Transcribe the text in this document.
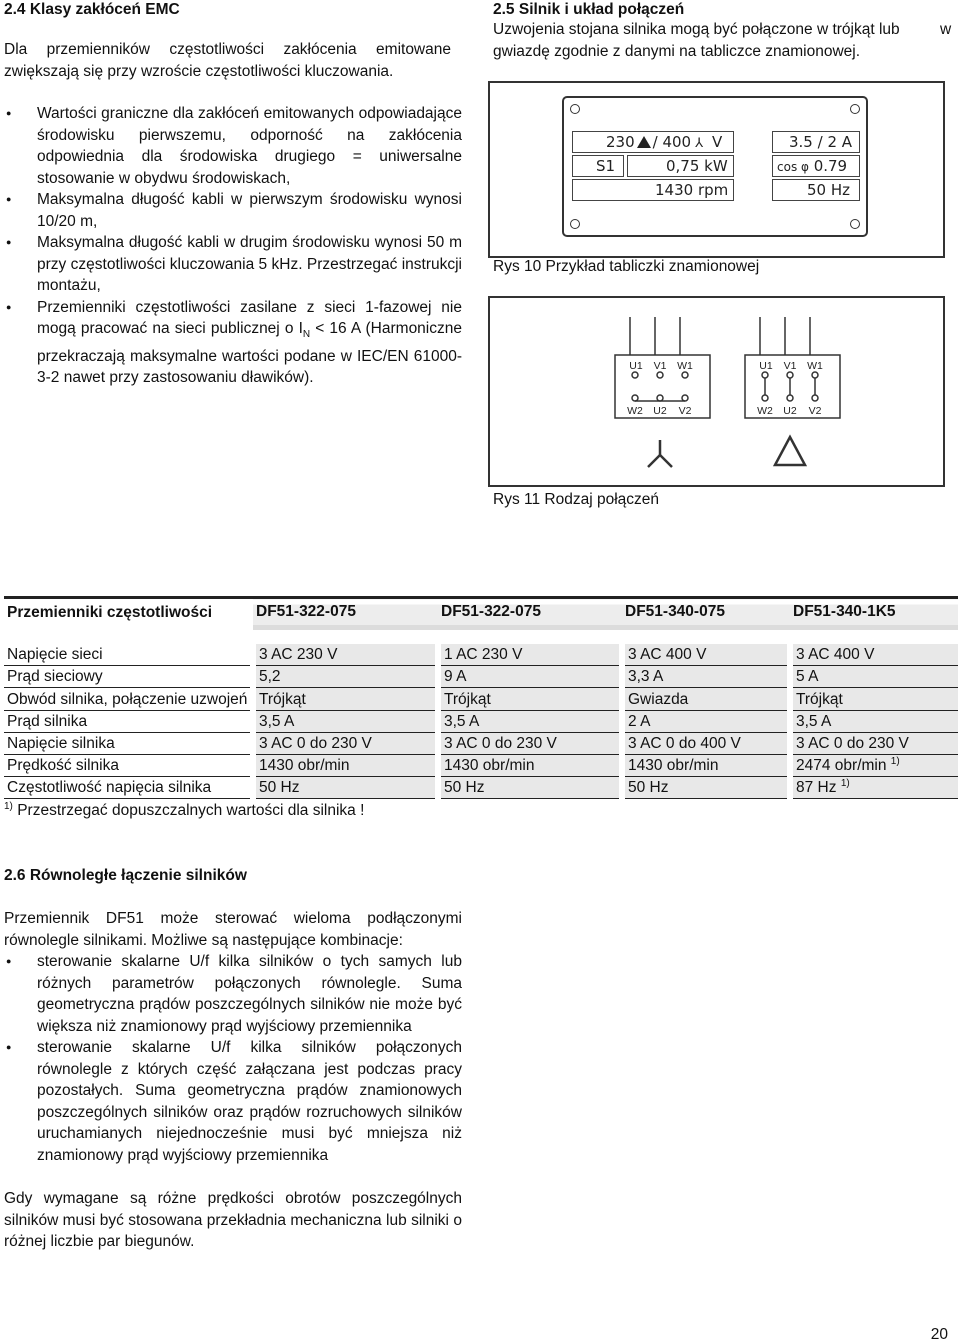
2.4 Klasy zakłóceń EMC
Dla przemienników częstotliwości zakłócenia emitowane
zwiększają się przy wzroście częstotliwości kluczowania.
● Wartości graniczne dla zakłóceń emitowanych odpowiadające środowisku pierwszemu, odporność na zakłócenia odpowiednia dla środowiska drugiego = uniwersalne stosowanie w obydwu środowiskach,
● Maksymalna długość kabli w pierwszym środowisku wynosi 10/20 m,
● Maksymalna długość kabli w drugim środowisku wynosi 50 m przy częstotliwości kluczowania 5 kHz. Przestrzegać instrukcji montażu,
● Przemienniki częstotliwości zasilane z sieci 1-fazowej nie mogą pracować na sieci publicznej o $I_N < 16$ A (Harmoniczne przekraczają maksymalne wartości podane w IEC/EN 61000-3-2 nawet przy zastosowaniu dławików).
2.5 Silnik i układ połączeń
Uzwojenia stojana silnika mogą być połączone w trójkąt lub
gwiazdę zgodnie z danymi na tabliczce znamionowej.
w
230 / 400 ⅄ V	3.5 / 2 A
S1	0,75 kW	cos φ 0.79
1430 rpm	50 Hz
Rys 10 Przykład tabliczki znamionowej
U1 V1 W1
W2 U2 V2
U1 V1 W1
W2 U2 V2
Rys 11 Rodzaj połączeń
Przemienniki częstotliwości	DF51-322-075	DF51-322-075	DF51-340-075	DF51-340-1K5

Napięcie sieci	3 AC 230 V	1 AC 230 V	3 AC 400 V	3 AC 400 V
Prąd sieciowy	5,2	9 A	3,3 A	5 A
Obwód silnika, połączenie uzwojeń	Trójkąt	Trójkąt	Gwiazda	Trójkąt
Prąd silnika	3,5 A	3,5 A	2 A	3,5 A
Napięcie silnika	3 AC 0 do 230 V	3 AC 0 do 230 V	3 AC 0 do 400 V	3 AC 0 do 230 V
Prędkość silnika	1430 obr/min	1430 obr/min	1430 obr/min	2474 obr/min $^{1)}$
Częstotliwość napięcia silnika	50 Hz	50 Hz	50 Hz	87 Hz $^{1)}$
$^{1)}$ Przestrzegać dopuszczalnych wartości dla silnika !
2.6 Równoległe łączenie silników
Przemiennik DF51 może sterować wieloma podłączonymi
równolegle silnikami. Możliwe są następujące kombinacje:
● sterowanie skalarne U/f kilka silników o tych samych lub różnych parametrów połączonych równolegle. Suma geometryczna prądów poszczególnych silników nie może być większa niż znamionowy prąd wyjściowy przemiennika
● sterowanie skalarne U/f kilka silników połączonych równolegle z których część załączana jest podczas pracy pozostałych. Suma geometryczna prądów znamionowych poszczególnych silników oraz prądów rozruchowych silników uruchamianych niejednocześnie musi być mniejsza niż znamionowy prąd wyjściowy przemiennika
Gdy wymagane są różne prędkości obrotów poszczególnych silników musi być stosowana przekładnia mechaniczna lub silniki o różnej liczbie par biegunów.
20
